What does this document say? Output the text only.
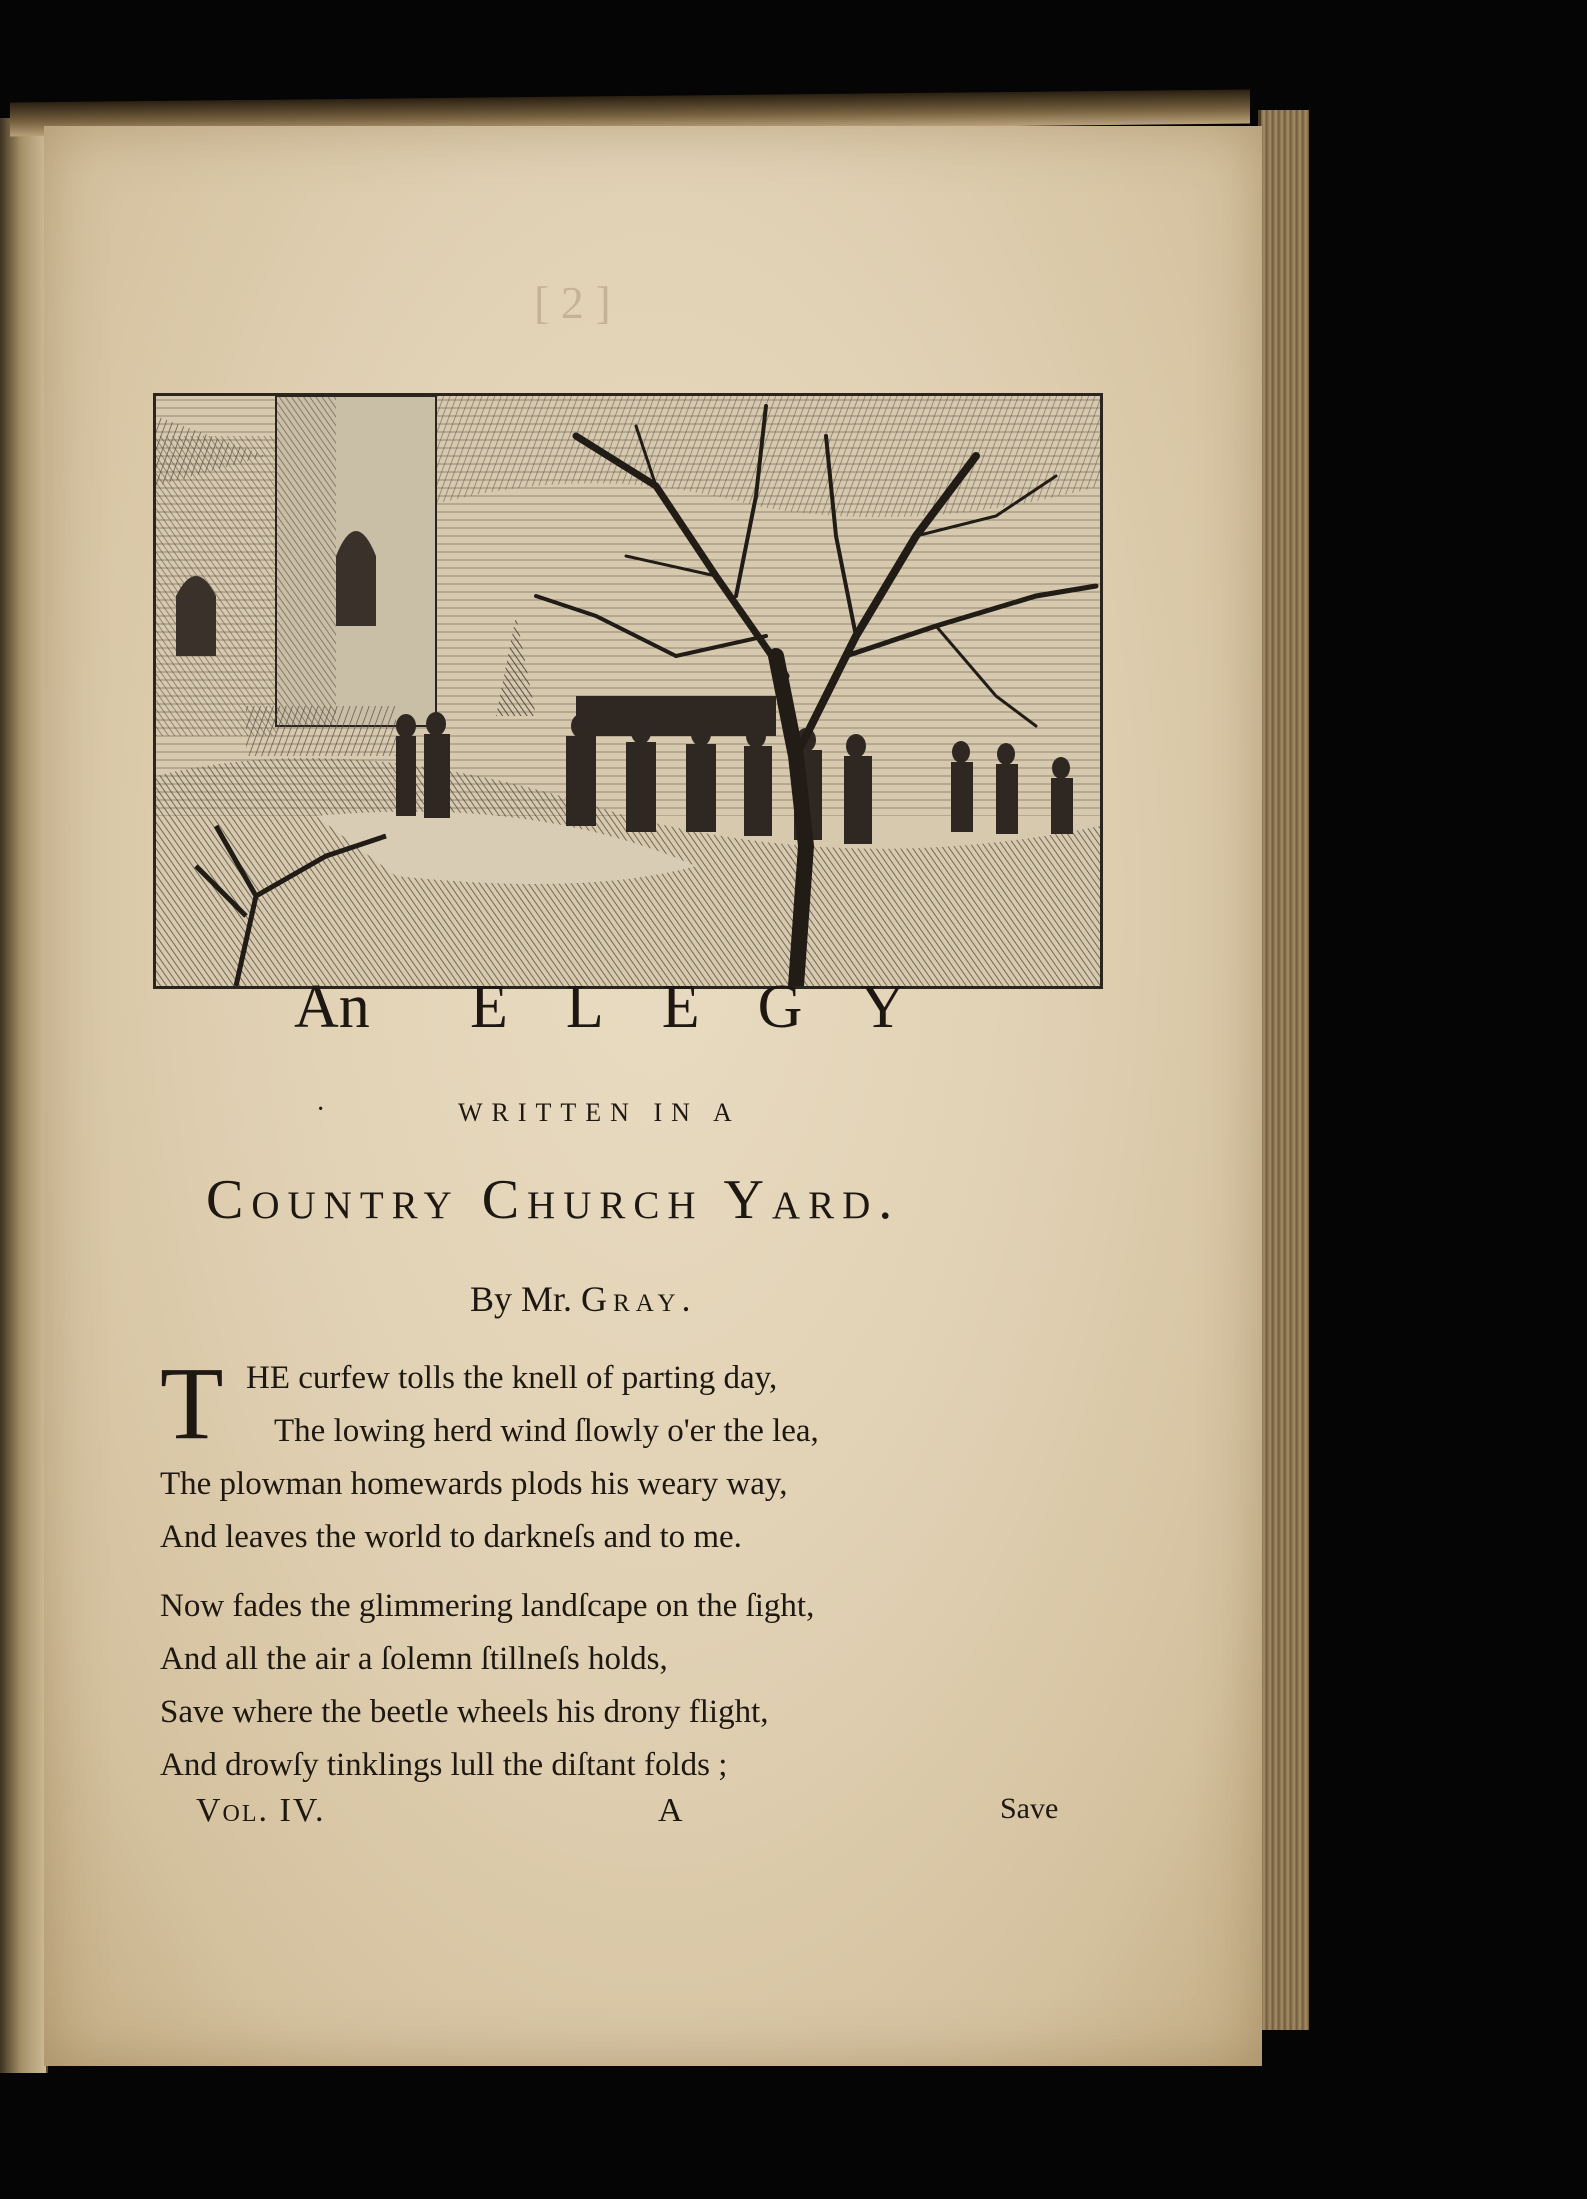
[ 2 ]
An ELEGY
·	WRITTEN IN A
Country Church Yard.
By Mr. Gray.
T HE curfew tolls the knell of parting day,
The lowing herd wind ſlowly o'er the lea,
The plowman homewards plods his weary way,
And leaves the world to darkneſs and to me.
Now fades the glimmering landſcape on the ſight,
And all the air a ſolemn ſtillneſs holds,
Save where the beetle wheels his drony flight,
And drowſy tinklings lull the diſtant folds ;
Vol. IV.	A	Save
